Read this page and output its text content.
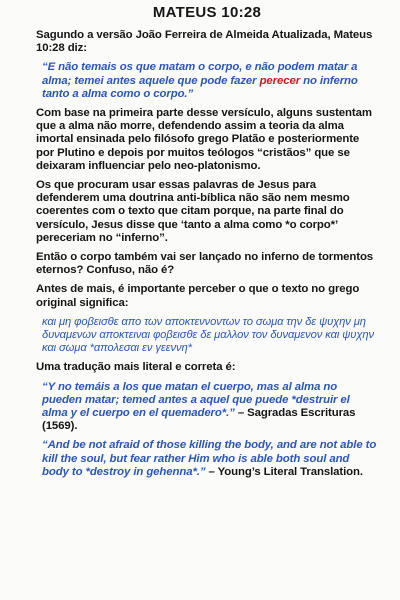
MATEUS 10:28

Sagundo a versão João Ferreira de Almeida Atualizada, Mateus 10:28 diz:

“E não temais os que matam o corpo, e não podem matar a alma; temei antes aquele que pode fazer perecer no inferno tanto a alma como o corpo.”

Com base na primeira parte desse versículo, alguns sustentam que a alma não morre, defendendo assim a teoria da alma imortal ensinada pelo filósofo grego Platão e posteriormente por Plutino e depois por muitos teólogos “cristãos” que se deixaram influenciar pelo neo-platonismo.

Os que procuram usar essas palavras de Jesus para defenderem uma doutrina anti-bíblica não são nem mesmo coerentes com o texto que citam porque, na parte final do versículo, Jesus disse que ‘tanto a alma como *o corpo*’ pereceriam no “inferno”.

Então o corpo também vai ser lançado no inferno de tormentos eternos? Confuso, não é?

Antes de mais, é importante perceber o que o texto no grego original significa:

και μη φοβεισθε απο των αποκτεννοντων το σωμα την δε ψυχην μη δυναμενων αποκτειναι φοβεισθε δε μαλλον τον δυναμενον και ψυχην και σωμα *απολεσαι εν γεεννη*

Uma tradução mais literal e correta é:

“Y no temáis a los que matan el cuerpo, mas al alma no pueden matar; temed antes a aquel que puede *destruir el alma y el cuerpo en el quemadero*.” – Sagradas Escrituras (1569).

“And be not afraid of those killing the body, and are not able to kill the soul, but fear rather Him who is able both soul and body to *destroy in gehenna*.” – Young’s Literal Translation.
